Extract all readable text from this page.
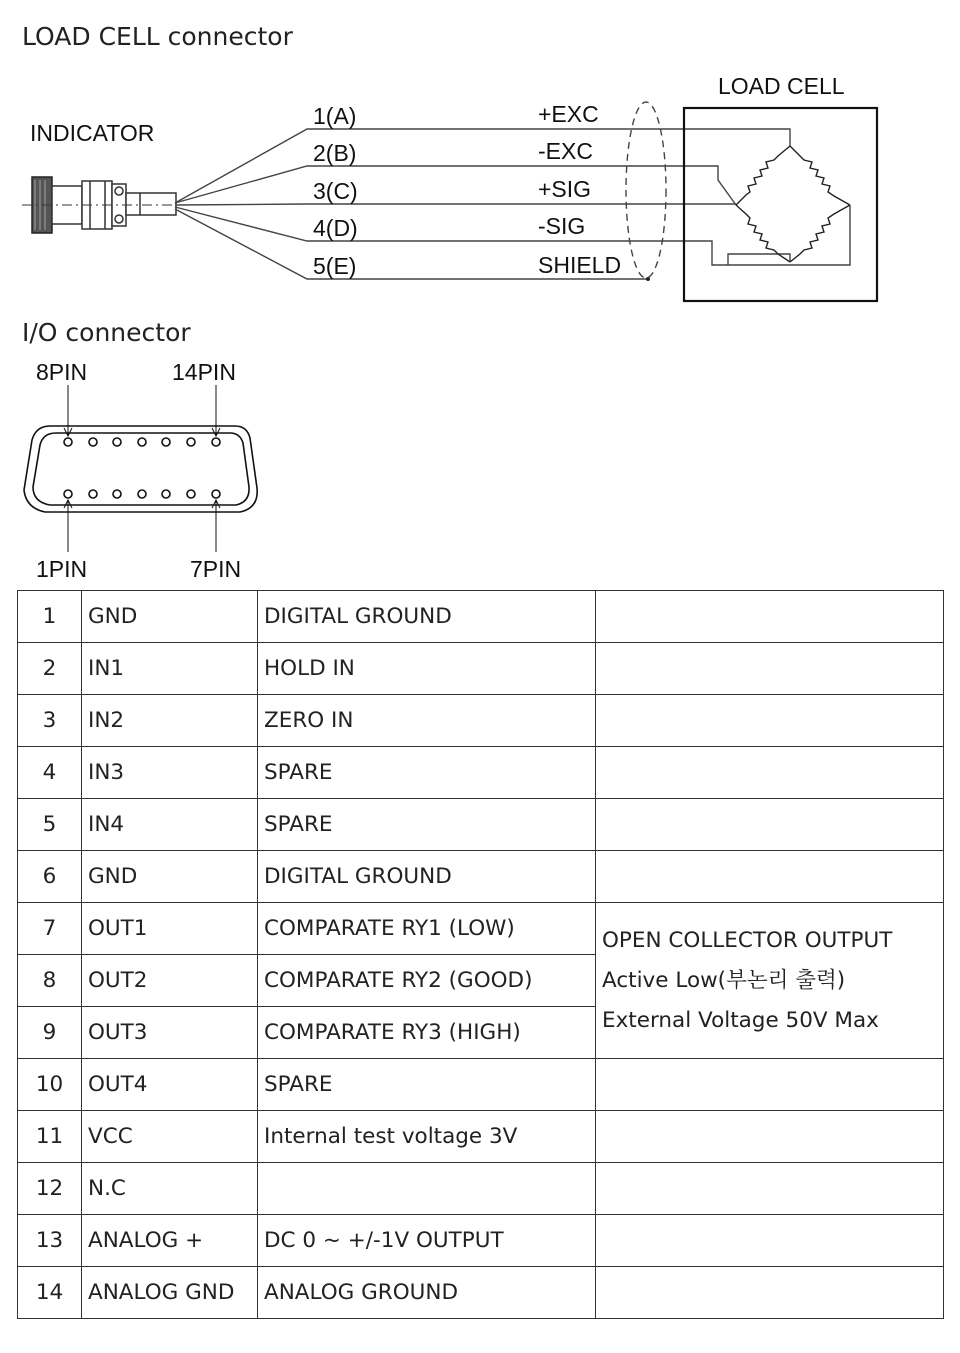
LOAD CELL connector
I/O connector
INDICATOR
1(A)
2(B)
3(C)
4(D)
5(E)
+EXC
-EXC
+SIG
-SIG
SHIELD
LOAD CELL
8PIN	14PIN
1PIN	7PIN
1	GND	DIGITAL GROUND	
2	IN1	HOLD IN	
3	IN2	ZERO IN	
4	IN3	SPARE	
5	IN4	SPARE	
6	GND	DIGITAL GROUND	
7	OUT1	COMPARATE RY1 (LOW)	OPEN COLLECTOR OUTPUT
Active Low(부논리 출력)
External Voltage 50V Max

8	OUT2	COMPARATE RY2 (GOOD)	
9	OUT3	COMPARATE RY3 (HIGH)	
10	OUT4	SPARE	
11	VCC	Internal test voltage 3V	
12	N.C		
13	ANALOG +	DC 0 ~ +/-1V OUTPUT	
14	ANALOG GND	ANALOG GROUND	
